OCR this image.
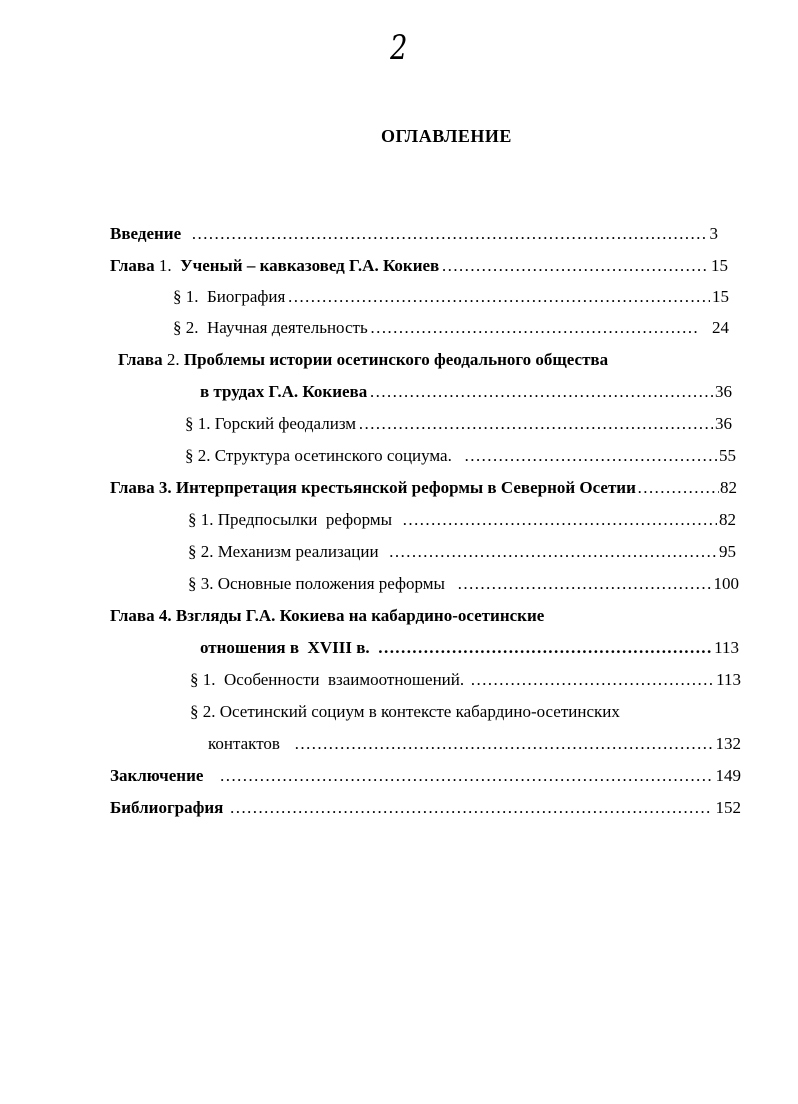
2
ОГЛАВЛЕНИЕ
Введение ……………………………………………………………………………………………………………………………………………………	3
Глава 1. Ученый – кавказовед Г.А. Кокиев ……………………………………………………………………………………………………………………………………………………	15
§ 1.  Биография ……………………………………………………………………………………………………………………………………………………	15
§ 2.  Научная деятельность ……………………………………………………………………………………………………………………………………………………	24
Глава 2. Проблемы истории осетинского феодального общества
в трудах Г.А. Кокиева ……………………………………………………………………………………………………………………………………………………	36
§ 1. Горский феодализм ……………………………………………………………………………………………………………………………………………………	36
§ 2. Структура осетинского социума. ……………………………………………………………………………………………………………………………………………………	55
Глава 3. Интерпретация крестьянской реформы в Северной Осетии ……………………………………………………………………………………………………………………………………………………	82
§ 1. Предпосылки  реформы ……………………………………………………………………………………………………………………………………………………	82
§ 2. Механизм реализации ……………………………………………………………………………………………………………………………………………………	95
§ 3. Основные положения реформы ……………………………………………………………………………………………………………………………………………………	100
Глава 4. Взгляды Г.А. Кокиева на кабардино-осетинские
отношения в  XVIII в. ……………………………………………………………………………………………………………………………………………………	113
§ 1.  Особенности  взаимоотношений. ……………………………………………………………………………………………………………………………………………………	113
§ 2. Осетинский социум в контексте кабардино-осетинских
контактов ……………………………………………………………………………………………………………………………………………………	132
Заключение ……………………………………………………………………………………………………………………………………………………	149
Библиография ……………………………………………………………………………………………………………………………………………………	152
